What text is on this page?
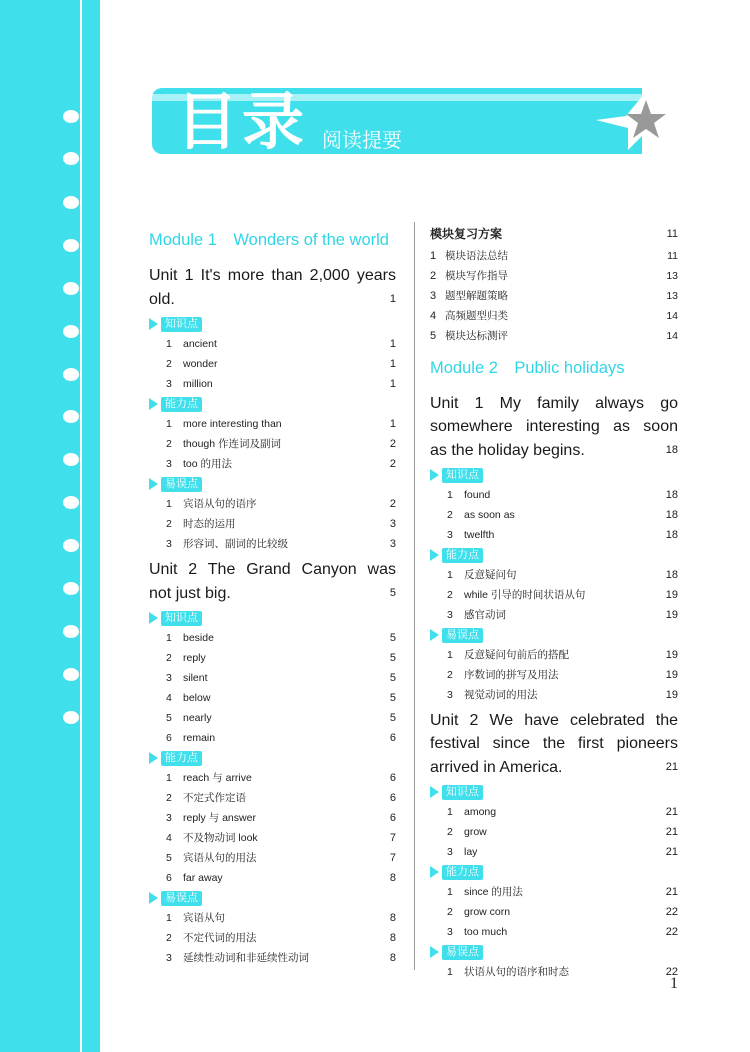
目录 阅读提要
Module 1　Wonders of the world
Unit 1 It's more than 2,000 years
old.	1
知识点
1 ancient	1
2 wonder	1
3 million	1
能力点
1 more interesting than	1
2 though 作连词及副词	2
3 too 的用法	2
易误点
1 宾语从句的语序	2
2 时态的运用	3
3 形容词、副词的比较级	3
Unit 2 The Grand Canyon was
not just big.	5
知识点
1 beside	5
2 reply	5
3 silent	5
4 below	5
5 nearly	5
6 remain	6
能力点
1 reach 与 arrive	6
2 不定式作定语	6
3 reply 与 answer	6
4 不及物动词 look	7
5 宾语从句的用法	7
6 far away	8
易误点
1 宾语从句	8
2 不定代词的用法	8
3 延续性动词和非延续性动词	8
模块复习方案	11
1 模块语法总结	11
2 模块写作指导	13
3 题型解题策略	13
4 高频题型归类	14
5 模块达标测评	14
Module 2　Public holidays
Unit 1 My family always go
somewhere interesting as soon
as the holiday begins.	18
知识点
1 found	18
2 as soon as	18
3 twelfth	18
能力点
1 反意疑问句	18
2 while 引导的时间状语从句	19
3 感官动词	19
易误点
1 反意疑问句前后的搭配	19
2 序数词的拼写及用法	19
3 视觉动词的用法	19
Unit 2 We have celebrated the
festival since the first pioneers
arrived in America.	21
知识点
1 among	21
2 grow	21
3 lay	21
能力点
1 since 的用法	21
2 grow corn	22
3 too much	22
易误点
1 状语从句的语序和时态	22
1
